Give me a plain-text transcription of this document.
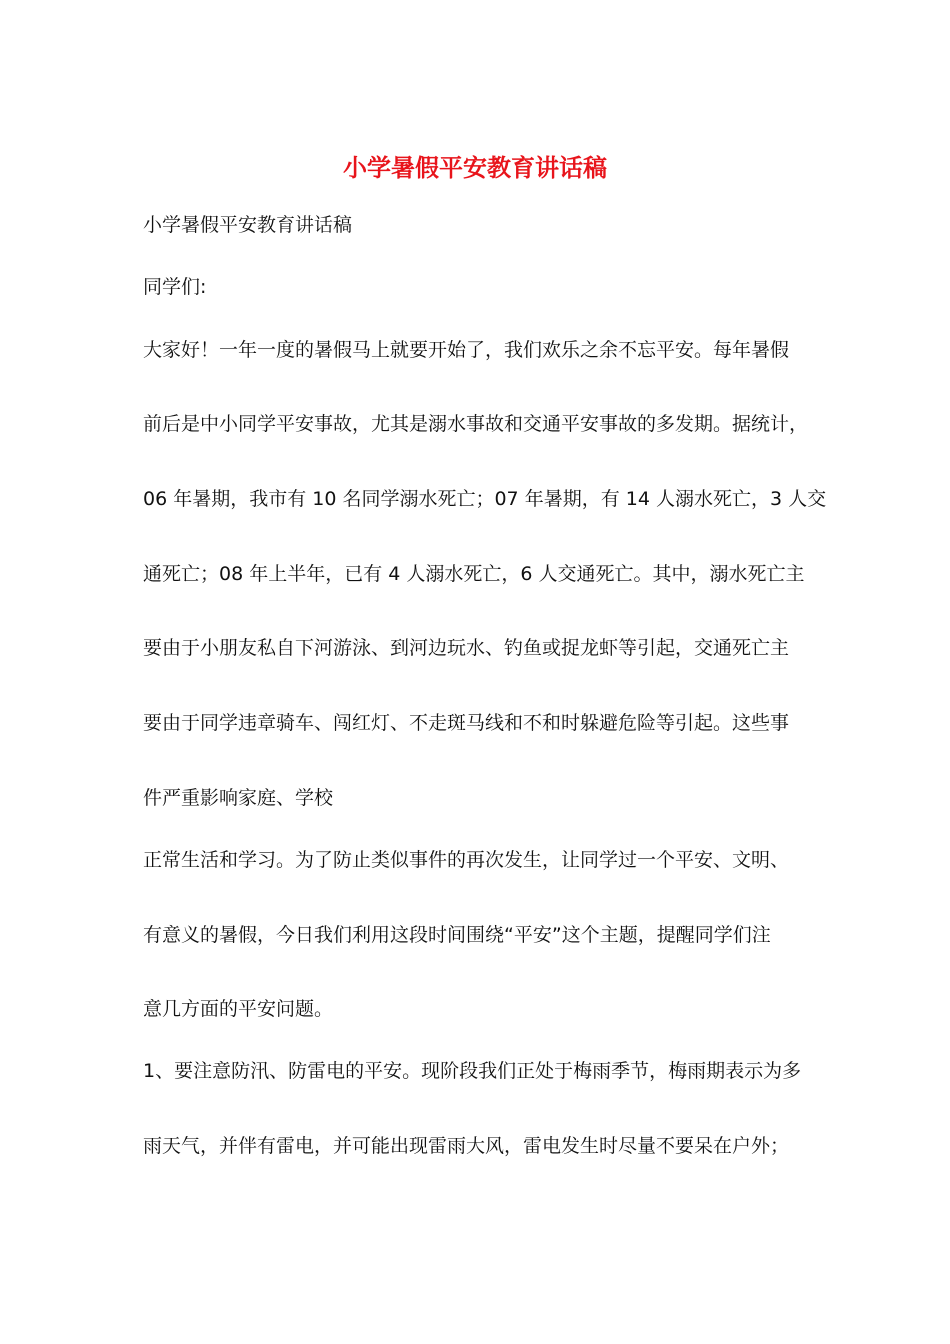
小学暑假平安教育讲话稿
小学暑假平安教育讲话稿
同学们:
大家好！一年一度的暑假马上就要开始了，我们欢乐之余不忘平安。每年暑假
前后是中小同学平安事故，尤其是溺水事故和交通平安事故的多发期。据统计，
06 年暑期，我市有 10 名同学溺水死亡；07 年暑期，有 14 人溺水死亡，3 人交
通死亡；08 年上半年，已有 4 人溺水死亡，6 人交通死亡。其中，溺水死亡主
要由于小朋友私自下河游泳、到河边玩水、钓鱼或捉龙虾等引起，交通死亡主
要由于同学违章骑车、闯红灯、不走斑马线和不和时躲避危险等引起。这些事
件严重影响家庭、学校
正常生活和学习。为了防止类似事件的再次发生，让同学过一个平安、文明、
有意义的暑假，今日我们利用这段时间围绕“平安”这个主题，提醒同学们注
意几方面的平安问题。
1、要注意防汛、防雷电的平安。现阶段我们正处于梅雨季节，梅雨期表示为多
雨天气，并伴有雷电，并可能出现雷雨大风，雷电发生时尽量不要呆在户外；
